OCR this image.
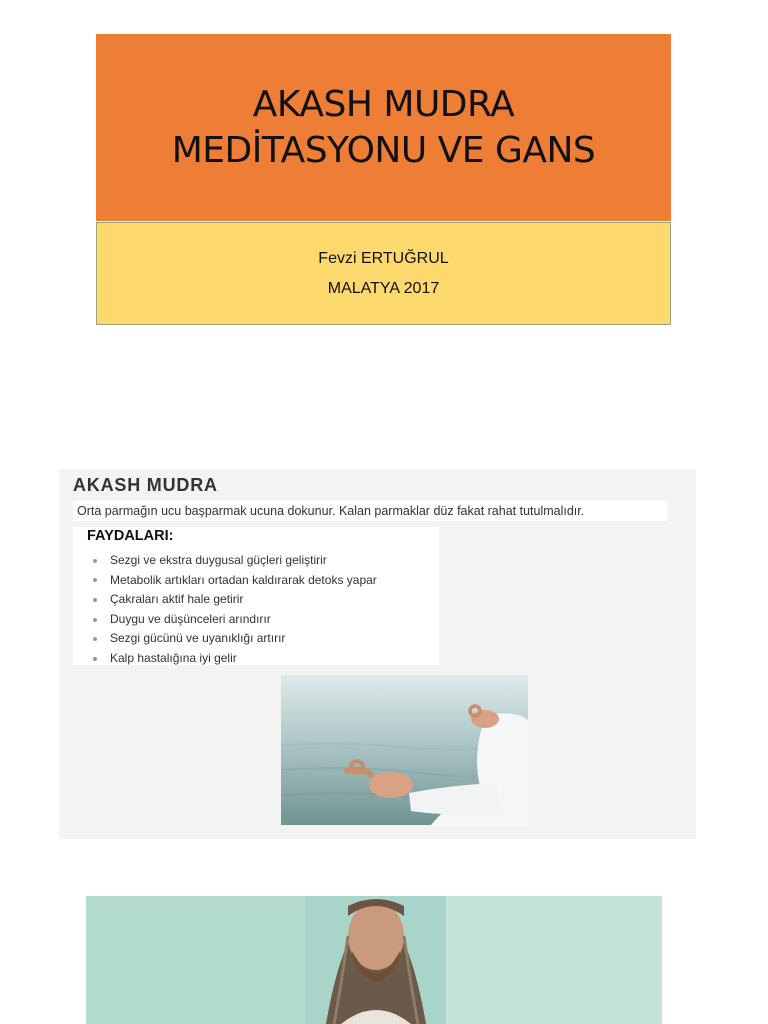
AKASH MUDRA
MEDİTASYONU VE GANS
Fevzi ERTUĞRUL
MALATYA 2017
AKASH MUDRA
Orta parmağın ucu başparmak ucuna dokunur. Kalan parmaklar düz fakat rahat tutulmalıdır.
FAYDALARI:
Sezgi ve ekstra duygusal güçleri geliştirir
Metabolik artıkları ortadan kaldırarak detoks yapar
Çakraları aktif hale getirir
Duygu ve düşünceleri arındırır
Sezgi gücünü ve uyanıklığı artırır
Kalp hastalığına iyi gelir
